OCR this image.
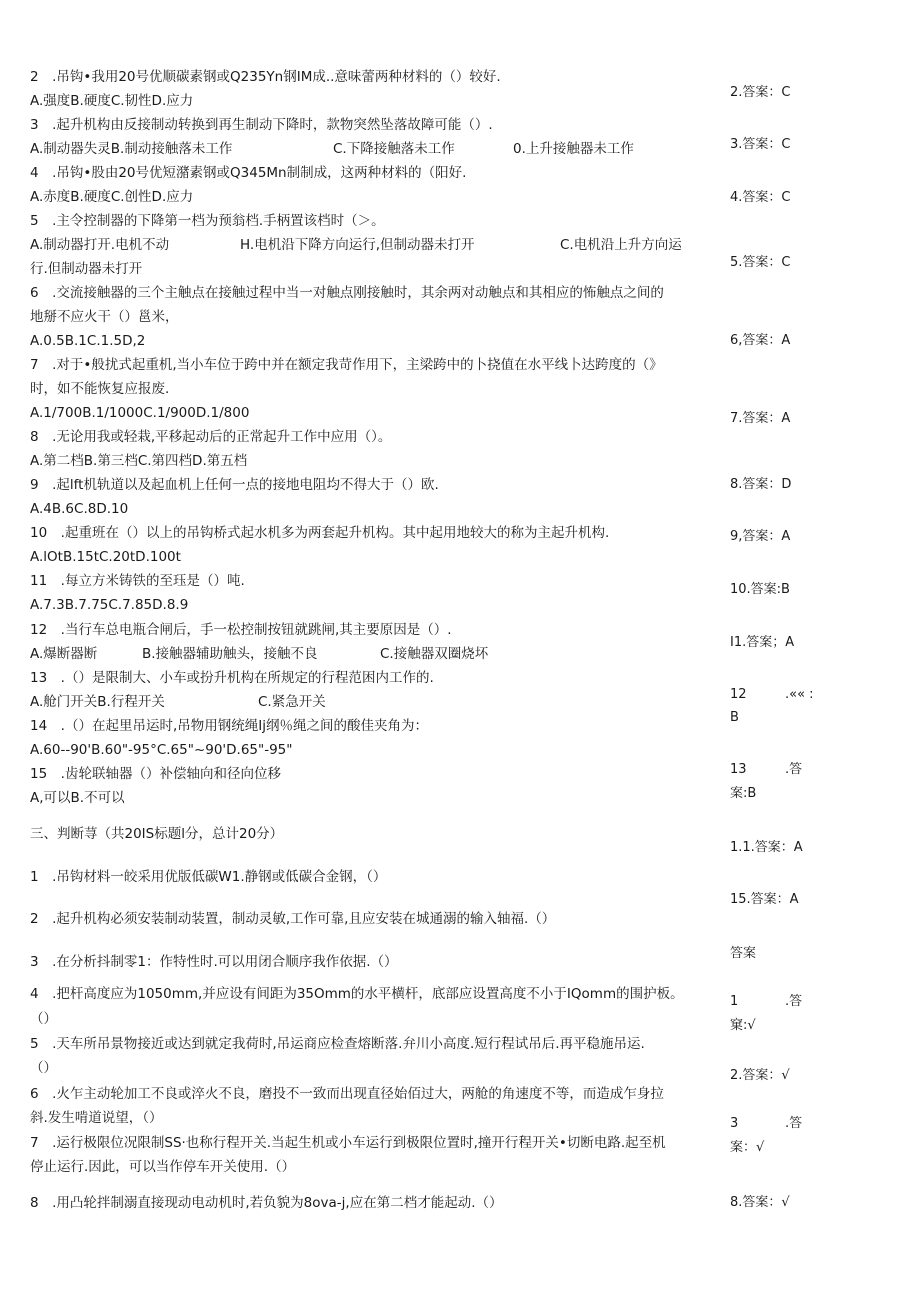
2　.吊钩•我用20号优顺碳素钢或Q235Yn钢IM成..意味蕾两种材料的（）较好.
A.强度B.硬度C.韧性D.应力
3　.起升机构由反接制动转换到再生制动下降时，款物突然坠落故障可能（）.
A.制动器失灵B.制动接触落未工作	C.下降接触落未工作	0.上升接触器未工作
4　.吊钩•股由20号优短潴素钢或Q345Mn制制成，这两种材料的（阳好.
A.赤度B.硬度C.创性D.应力
5　.主令控制器的下降第一档为预翁档.手柄置该档时（＞。
A.制动器打开.电机不动	H.电机沿下降方向运行,但制动器未打开	C.电机沿上升方向运
行.但制动器未打开
6　.交流接触器的三个主触点在接触过程中当一对触点刚接触时，其余两对动触点和其相应的怖触点之间的
地掰不应火干（）邕米，
A.0.5B.1C.1.5D,2
7　.对于•般扰式起重机,当小车位于跨中并在额定我苛作用下，主梁跨中的卜挠值在水平线卜达跨度的（》
时，如不能恢复应报废.
A.1/700B.1/1000C.1/900D.1/800
8　.无论用我或轻栽,平移起动后的正常起升工作中应用（）。
A.第二档B.第三档C.第四档D.第五档
9　.起lft机轨道以及起血机上任何一点的接地电阻均不得大于（）欧.
A.4B.6C.8D.10
10　.起重班在（）以上的吊钩桥式起水机多为两套起升机构。其中起用地较大的称为主起升机构.
A.lOtB.15tC.20tD.100t
11　.每立方米铸铁的至珏是（）吨.
A.7.3B.7.75C.7.85D.8.9
12　.当行车总电瓶合闸后，手一松控制按钮就跳闸,其主要原因是（）.
A.爆断器断	B.接触器辅助触头，接触不良	C.接触器双圈烧坏
13　.（）是限制大、小车或扮升机构在所规定的行程范困内工作的.
A.舱门开关B.行程开关	C.紧急开关
14　.（）在起里吊运时,吊物用钢统绳Ij纲％绳之间的酸佳夹角为：
A.60--90'B.60"-95°C.65"~90'D.65"-95"
15　.齿轮联轴器（）补偿轴向和径向位移
A,可以B.不可以
三、判断荨（共20IS标题l分，总计20分）
1　.吊钩材料一皎采用优版低碳W1.静钢或低碳合金钢，（）
2　.起升机构必须安装制动装置，制动灵敏,工作可靠,且应安装在城通溺的输入轴福.（）
3　.在分析抖制零1：作特性时.可以用闭合顺序我作依据.（）
4　.把杆高度应为1050mm,并应设有间距为35Omm的水平横杆，底部应设置高度不小于IQomm的围护板。
（）
5　.天车所吊景物接近或达到就定我荷时,吊运商应检查熔断落.弁川小高度.短行程试吊后.再平稳施吊运.
（）
6　.火乍主动轮加工不良或淬火不良，磨投不一致而出现直径始佰过大，两舱的角速度不等，而造成乍身拉
斜.发生啃道说望，（）
7　.运行极限位况限制SS·也称行程开关.当起生机或小车运行到极限位置时,撞开行程开关•切断电路.起至机
停止运行.因此，可以当作停车开关使用.（）
8　.用凸轮拌制溺直接现动电动机时,若负貌为8ova-j,应在第二档才能起动.（）
2.答案：C
3.答案：C
4.答案：C
5.答案：C
6,答案：A
7.答案：A
8.答案：D
9,答案：A
10.答案:B
I1.答案；A
12	.«« :
B
13	.答
案:B
1.1.答案：A
15.答案：A
答案
1	.答
窠:√
2.答案：√
3	.答
案：√
8.答案：√
